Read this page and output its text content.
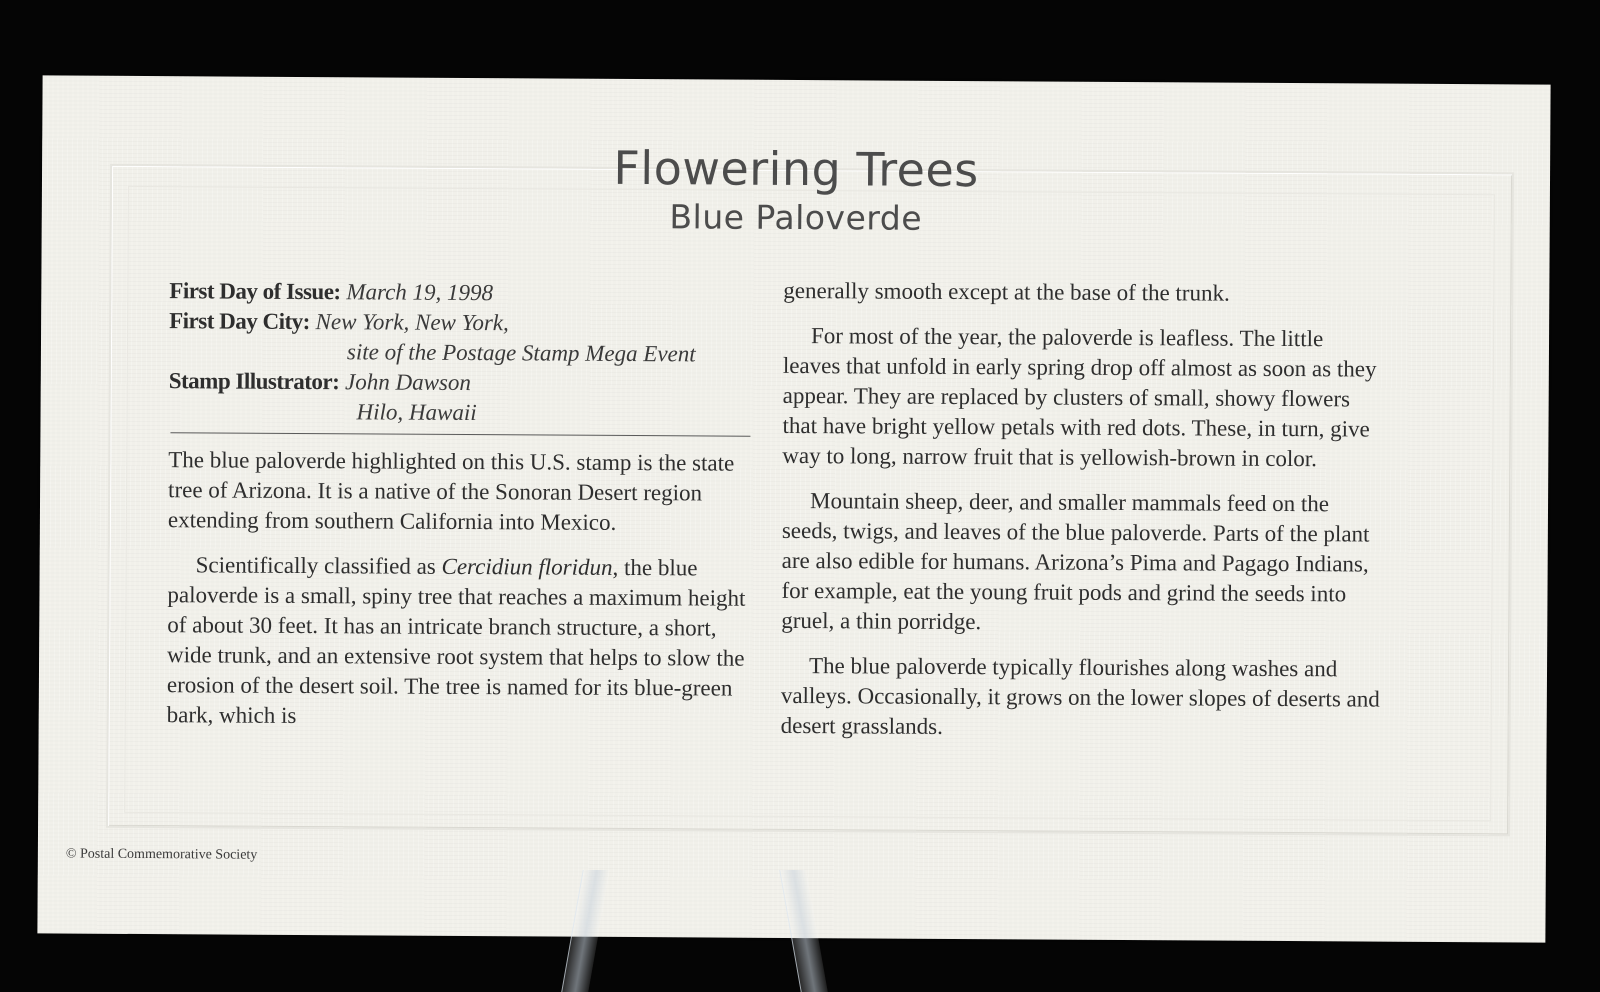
Flowering Trees
Blue Paloverde
First Day of Issue: March 19, 1998
First Day City: New York, New York,
site of the Postage Stamp Mega Event
Stamp Illustrator: John Dawson
Hilo, Hawaii

The blue paloverde highlighted on this U.S. stamp is the state tree of Arizona. It is a native of the Sonoran Desert region extending from southern California into Mexico.

Scientifically classified as Cercidiun floridun, the blue paloverde is a small, spiny tree that reaches a maximum height of about 30 feet. It has an intricate branch structure, a short, wide trunk, and an extensive root system that helps to slow the erosion of the desert soil. The tree is named for its blue-green bark, which is

generally smooth except at the base of the trunk.

For most of the year, the paloverde is leafless. The little leaves that unfold in early spring drop off almost as soon as they appear. They are replaced by clusters of small, showy flowers that have bright yellow petals with red dots. These, in turn, give way to long, narrow fruit that is yellowish-brown in color.

Mountain sheep, deer, and smaller mammals feed on the seeds, twigs, and leaves of the blue paloverde. Parts of the plant are also edible for humans. Arizona’s Pima and Pagago Indians, for example, eat the young fruit pods and grind the seeds into gruel, a thin porridge.

The blue paloverde typically flourishes along washes and valleys. Occasionally, it grows on the lower slopes of deserts and desert grasslands.

© Postal Commemorative Society
